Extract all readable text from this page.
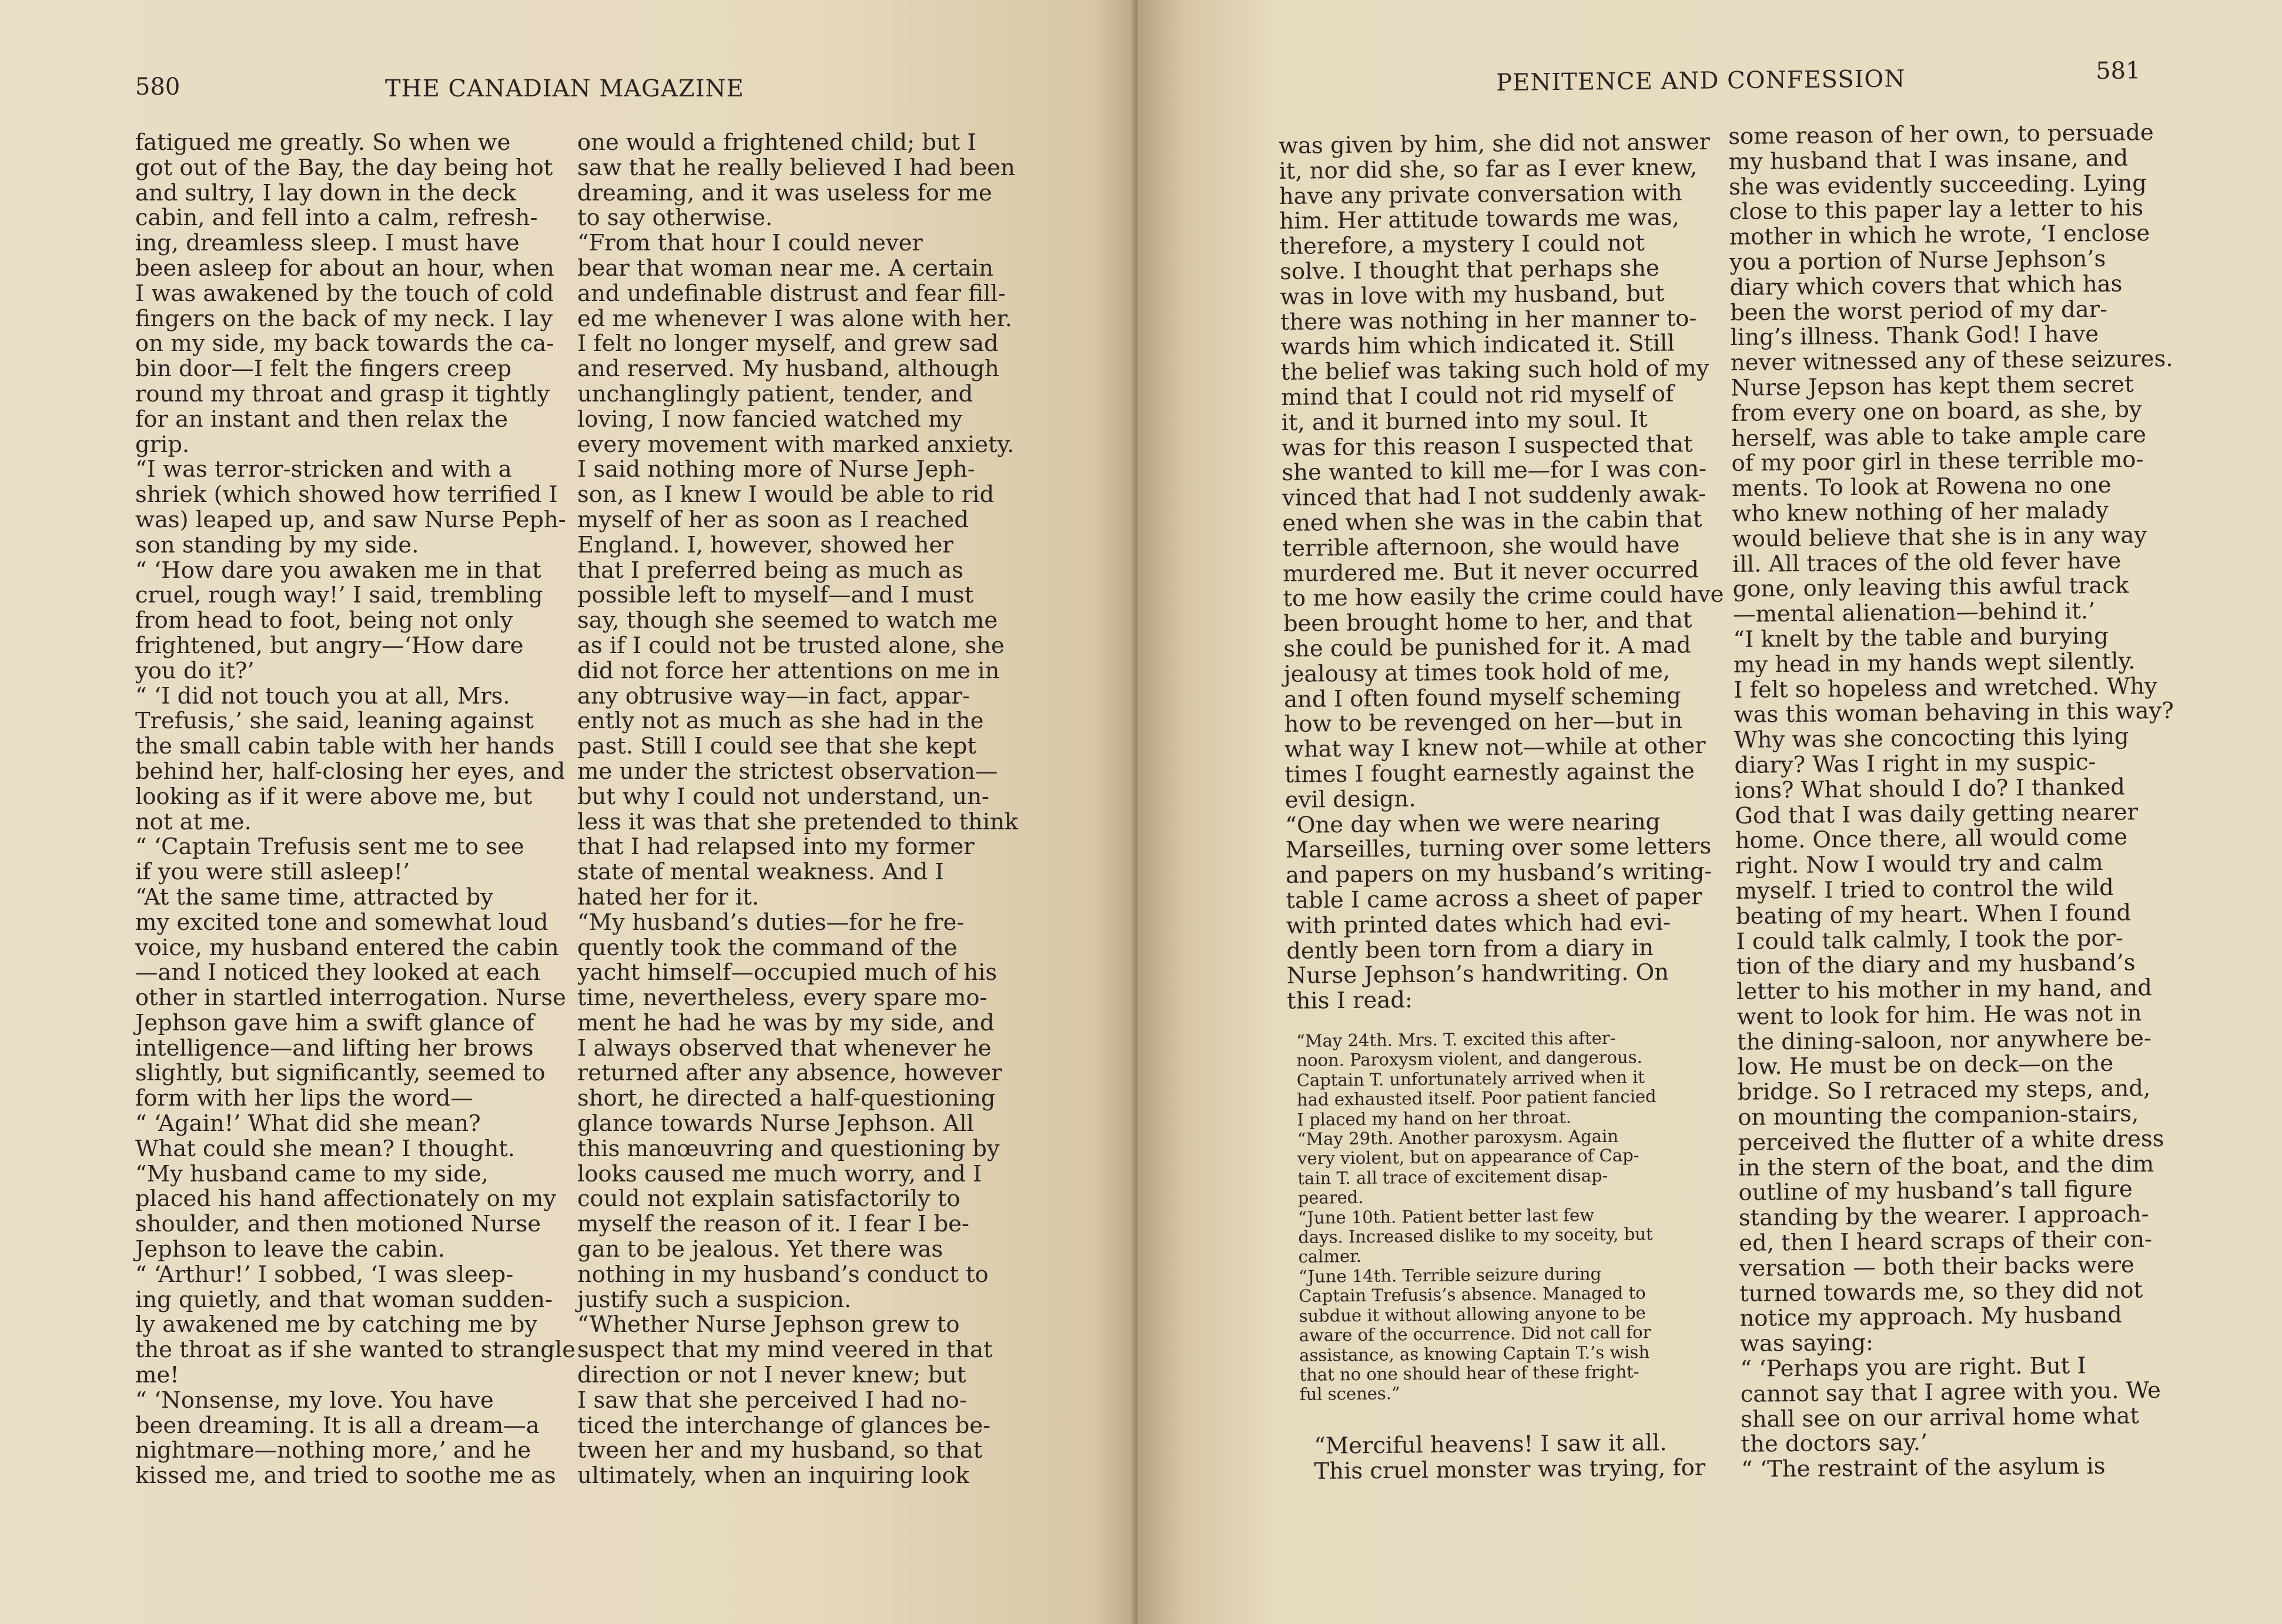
580	THE CANADIAN MAGAZINE
fatigued me greatly. So when we
got out of the Bay, the day being hot
and sultry, I lay down in the deck
cabin, and fell into a calm, refresh-
ing, dreamless sleep. I must have
been asleep for about an hour, when
I was awakened by the touch of cold
fingers on the back of my neck. I lay
on my side, my back towards the ca-
bin door—I felt the fingers creep
round my throat and grasp it tightly
for an instant and then relax the
grip.
“I was terror-stricken and with a
shriek (which showed how terrified I
was) leaped up, and saw Nurse Peph-
son standing by my side.
“ ‘How dare you awaken me in that
cruel, rough way!’ I said, trembling
from head to foot, being not only
frightened, but angry—‘How dare
you do it?’
“ ‘I did not touch you at all, Mrs.
Trefusis,’ she said, leaning against
the small cabin table with her hands
behind her, half-closing her eyes, and
looking as if it were above me, but
not at me.
“ ‘Captain Trefusis sent me to see
if you were still asleep!’
“At the same time, attracted by
my excited tone and somewhat loud
voice, my husband entered the cabin
—and I noticed they looked at each
other in startled interrogation. Nurse
Jephson gave him a swift glance of
intelligence—and lifting her brows
slightly, but significantly, seemed to
form with her lips the word—
“ ‘Again!’ What did she mean?
What could she mean? I thought.
“My husband came to my side,
placed his hand affectionately on my
shoulder, and then motioned Nurse
Jephson to leave the cabin.
“ ‘Arthur!’ I sobbed, ‘I was sleep-
ing quietly, and that woman sudden-
ly awakened me by catching me by
the throat as if she wanted to strangle
me!
“ ‘Nonsense, my love. You have
been dreaming. It is all a dream—a
nightmare—nothing more,’ and he
kissed me, and tried to soothe me as
one would a frightened child; but I
saw that he really believed I had been
dreaming, and it was useless for me
to say otherwise.
“From that hour I could never
bear that woman near me. A certain
and undefinable distrust and fear fill-
ed me whenever I was alone with her.
I felt no longer myself, and grew sad
and reserved. My husband, although
unchanglingly patient, tender, and
loving, I now fancied watched my
every movement with marked anxiety.
I said nothing more of Nurse Jeph-
son, as I knew I would be able to rid
myself of her as soon as I reached
England. I, however, showed her
that I preferred being as much as
possible left to myself—and I must
say, though she seemed to watch me
as if I could not be trusted alone, she
did not force her attentions on me in
any obtrusive way—in fact, appar-
ently not as much as she had in the
past. Still I could see that she kept
me under the strictest observation—
but why I could not understand, un-
less it was that she pretended to think
that I had relapsed into my former
state of mental weakness. And I
hated her for it.
“My husband’s duties—for he fre-
quently took the command of the
yacht himself—occupied much of his
time, nevertheless, every spare mo-
ment he had he was by my side, and
I always observed that whenever he
returned after any absence, however
short, he directed a half-questioning
glance towards Nurse Jephson. All
this manœuvring and questioning by
looks caused me much worry, and I
could not explain satisfactorily to
myself the reason of it. I fear I be-
gan to be jealous. Yet there was
nothing in my husband’s conduct to
justify such a suspicion.
“Whether Nurse Jephson grew to
suspect that my mind veered in that
direction or not I never knew; but
I saw that she perceived I had no-
ticed the interchange of glances be-
tween her and my husband, so that
ultimately, when an inquiring look
PENITENCE AND CONFESSION	581
was given by him, she did not answer
it, nor did she, so far as I ever knew,
have any private conversation with
him. Her attitude towards me was,
therefore, a mystery I could not
solve. I thought that perhaps she
was in love with my husband, but
there was nothing in her manner to-
wards him which indicated it. Still
the belief was taking such hold of my
mind that I could not rid myself of
it, and it burned into my soul. It
was for this reason I suspected that
she wanted to kill me—for I was con-
vinced that had I not suddenly awak-
ened when she was in the cabin that
terrible afternoon, she would have
murdered me. But it never occurred
to me how easily the crime could have
been brought home to her, and that
she could be punished for it. A mad
jealousy at times took hold of me,
and I often found myself scheming
how to be revenged on her—but in
what way I knew not—while at other
times I fought earnestly against the
evil design.
“One day when we were nearing
Marseilles, turning over some letters
and papers on my husband’s writing-
table I came across a sheet of paper
with printed dates which had evi-
dently been torn from a diary in
Nurse Jephson’s handwriting. On
this I read:
“May 24th. Mrs. T. excited this after-
noon. Paroxysm violent, and dangerous.
Captain T. unfortunately arrived when it
had exhausted itself. Poor patient fancied
I placed my hand on her throat.
“May 29th. Another paroxysm. Again
very violent, but on appearance of Cap-
tain T. all trace of excitement disap-
peared.
“June 10th. Patient better last few
days. Increased dislike to my soceity, but
calmer.
“June 14th. Terrible seizure during
Captain Trefusis’s absence. Managed to
subdue it without allowing anyone to be
aware of the occurrence. Did not call for
assistance, as knowing Captain T.’s wish
that no one should hear of these fright-
ful scenes.”
“Merciful heavens! I saw it all.
This cruel monster was trying, for
some reason of her own, to persuade
my husband that I was insane, and
she was evidently succeeding. Lying
close to this paper lay a letter to his
mother in which he wrote, ‘I enclose
you a portion of Nurse Jephson’s
diary which covers that which has
been the worst period of my dar-
ling’s illness. Thank God! I have
never witnessed any of these seizures.
Nurse Jepson has kept them secret
from every one on board, as she, by
herself, was able to take ample care
of my poor girl in these terrible mo-
ments. To look at Rowena no one
who knew nothing of her malady
would believe that she is in any way
ill. All traces of the old fever have
gone, only leaving this awful track
—mental alienation—behind it.’
“I knelt by the table and burying
my head in my hands wept silently.
I felt so hopeless and wretched. Why
was this woman behaving in this way?
Why was she concocting this lying
diary? Was I right in my suspic-
ions? What should I do? I thanked
God that I was daily getting nearer
home. Once there, all would come
right. Now I would try and calm
myself. I tried to control the wild
beating of my heart. When I found
I could talk calmly, I took the por-
tion of the diary and my husband’s
letter to his mother in my hand, and
went to look for him. He was not in
the dining-saloon, nor anywhere be-
low. He must be on deck—on the
bridge. So I retraced my steps, and,
on mounting the companion-stairs,
perceived the flutter of a white dress
in the stern of the boat, and the dim
outline of my husband’s tall figure
standing by the wearer. I approach-
ed, then I heard scraps of their con-
versation — both their backs were
turned towards me, so they did not
notice my approach. My husband
was saying:
“ ‘Perhaps you are right. But I
cannot say that I agree with you. We
shall see on our arrival home what
the doctors say.’
“ ‘The restraint of the asylum is
